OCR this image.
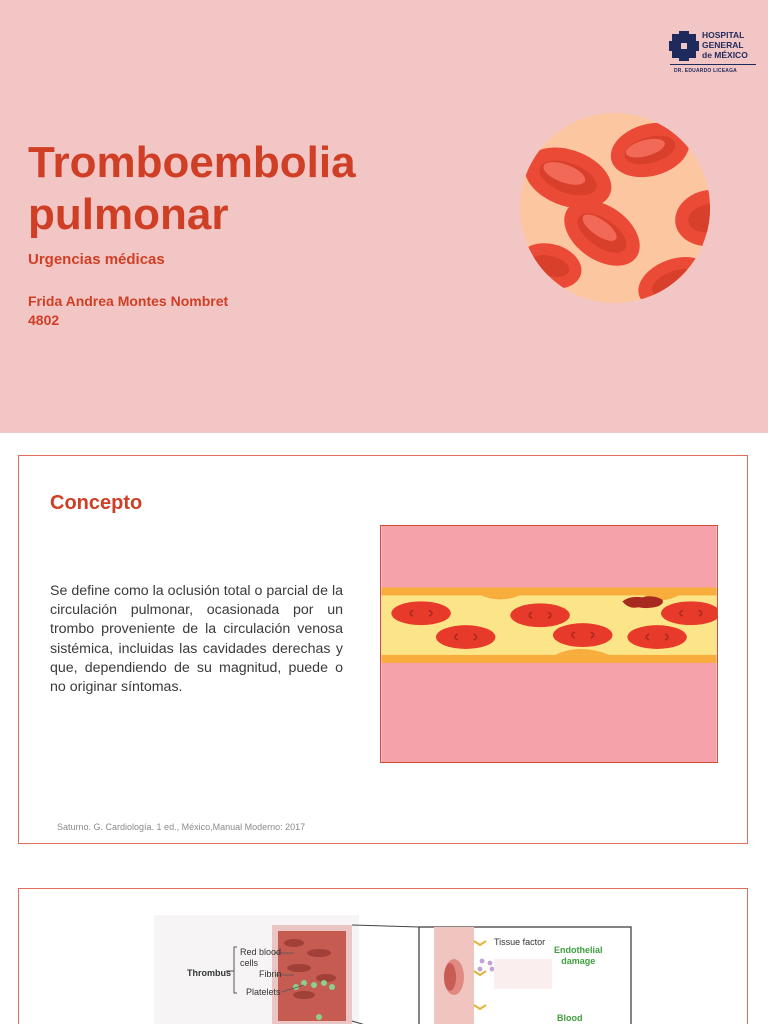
HOSPITAL
GENERAL
de MÉXICO
DR. EDUARDO LICEAGA
Tromboembolia
pulmonar
Urgencias médicas
Frida Andrea Montes Nombret
4802
Concepto

Se define como la oclusión total o parcial de la circulación pulmonar, ocasionada por un trombo proveniente de la circulación venosa sistémica, incluidas las cavidades derechas y que, dependiendo de su magnitud, puede o no originar síntomas.

Saturno. G. Cardiología. 1 ed., México,Manual Moderno: 2017
Thrombus
Red blood
cells
Fibrin
Platelets
Tissue factor
Endothelial
damage
Blood
